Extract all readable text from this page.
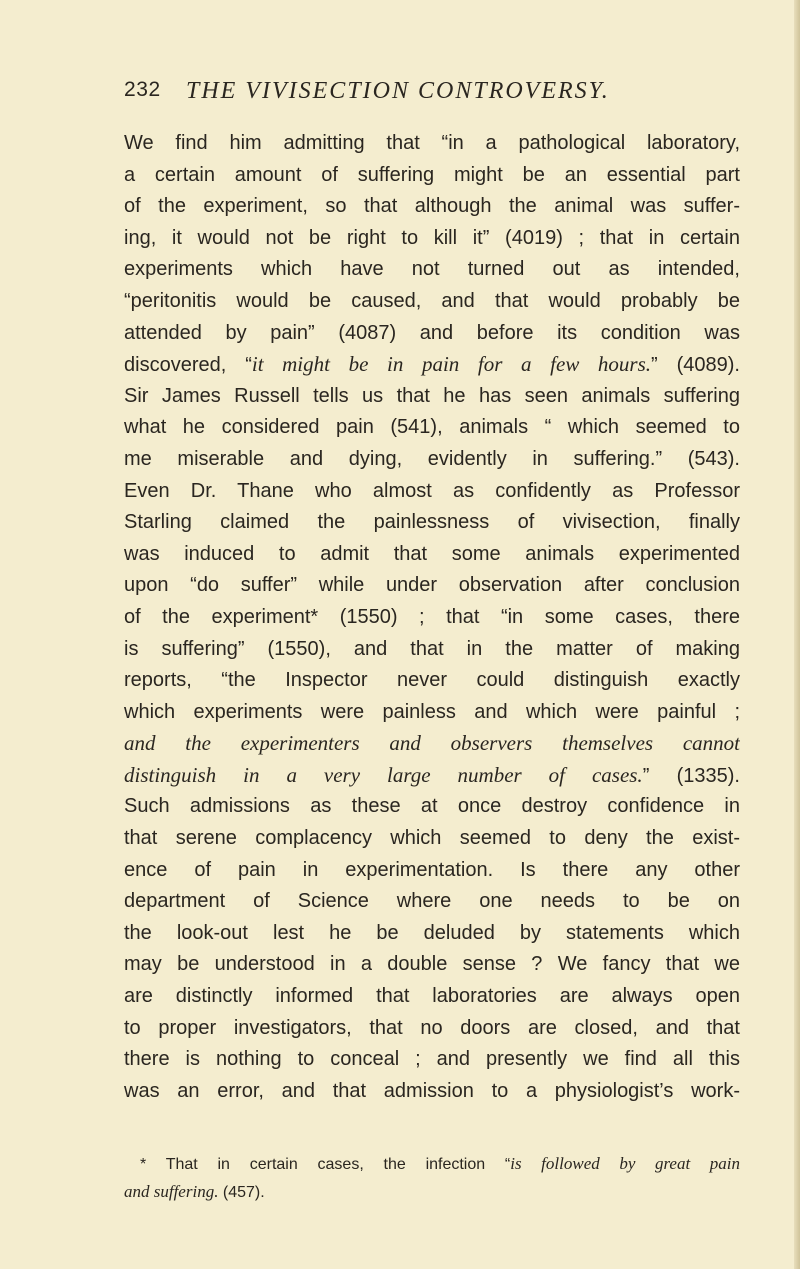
232 THE VIVISECTION CONTROVERSY.
We find him admitting that “in a pathological laboratory,
a certain amount of suffering might be an essential part
of the experiment, so that although the animal was suffer-
ing, it would not be right to kill it” (4019) ; that in certain
experiments which have not turned out as intended,
“peritonitis would be caused, and that would probably be
attended by pain” (4087) and before its condition was
discovered, “it might be in pain for a few hours.” (4089).
Sir James Russell tells us that he has seen animals suffering
what he considered pain (541), animals “ which seemed to
me miserable and dying, evidently in suffering.” (543).
Even Dr. Thane who almost as confidently as Professor
Starling claimed the painlessness of vivisection, finally
was induced to admit that some animals experimented
upon “do suffer” while under observation after conclusion
of the experiment* (1550) ; that “in some cases, there
is suffering” (1550), and that in the matter of making
reports, “the Inspector never could distinguish exactly
which experiments were painless and which were painful ;
and the experimenters and observers themselves cannot
distinguish in a very large number of cases.” (1335).
Such admissions as these at once destroy confidence in
that serene complacency which seemed to deny the exist-
ence of pain in experimentation. Is there any other
department of Science where one needs to be on
the look-out lest he be deluded by statements which
may be understood in a double sense ? We fancy that we
are distinctly informed that laboratories are always open
to proper investigators, that no doors are closed, and that
there is nothing to conceal ; and presently we find all this
was an error, and that admission to a physiologist’s work-
* That in certain cases, the infection “is followed by great pain
and suffering. (457).
